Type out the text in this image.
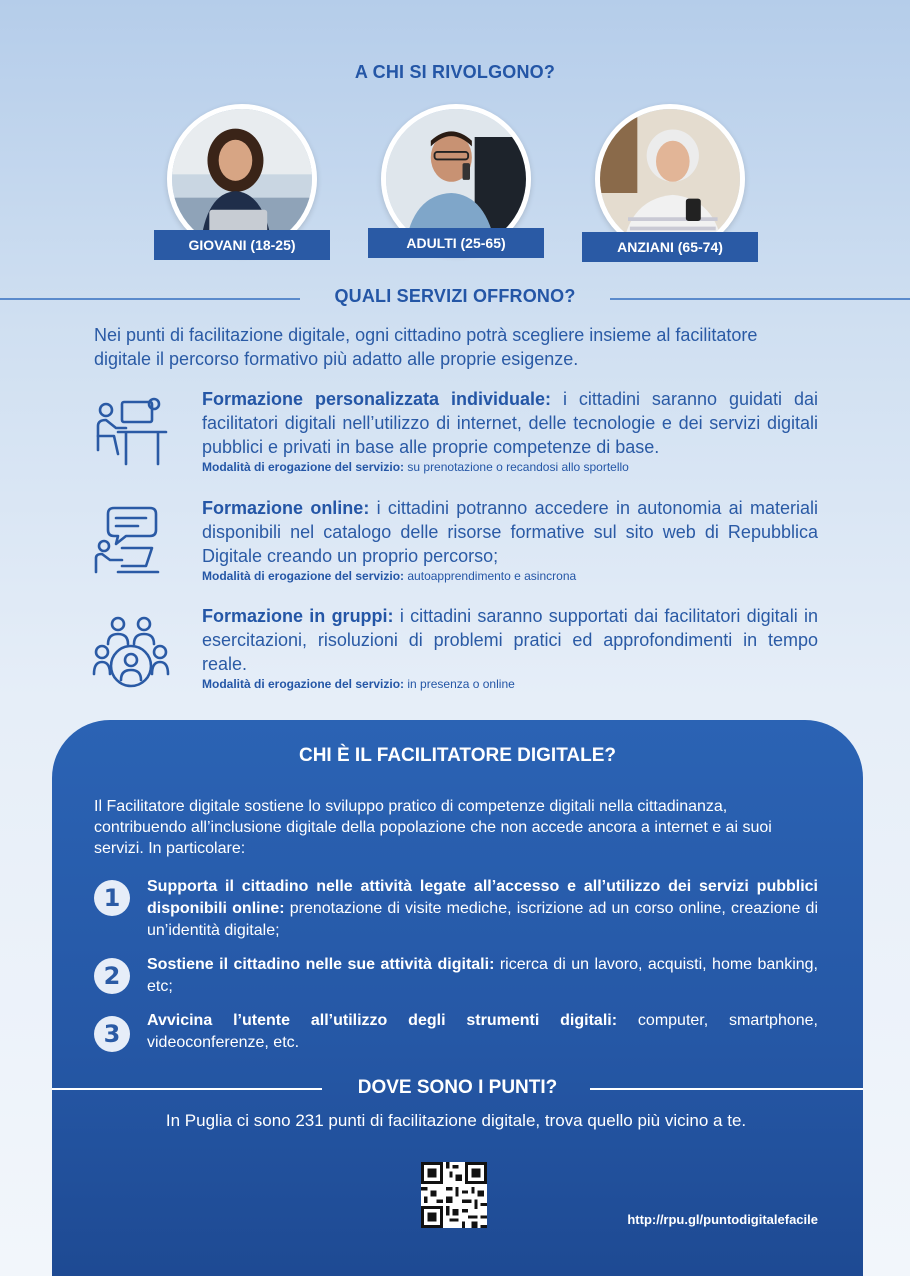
A CHI SI RIVOLGONO?
GIOVANI (18-25)	ADULTI (25-65)	ANZIANI (65-74)
QUALI SERVIZI OFFRONO?
Nei punti di facilitazione digitale, ogni cittadino potrà scegliere insieme al facilitatore digitale il percorso formativo più adatto alle proprie esigenze.
Formazione personalizzata individuale: i cittadini saranno guidati dai facilitatori digitali nell’utilizzo di internet, delle tecnologie e dei servizi digitali pubblici e privati in base alle proprie competenze di base.
Modalità di erogazione del servizio: su prenotazione o recandosi allo sportello
Formazione online: i cittadini potranno accedere in autonomia ai materiali disponibili nel catalogo delle risorse formative sul sito web di Repubblica Digitale creando un proprio percorso;
Modalità di erogazione del servizio: autoapprendimento e asincrona
Formazione in gruppi: i cittadini saranno supportati dai facilitatori digitali in esercitazioni, risoluzioni di problemi pratici ed approfondimenti in tempo reale.
Modalità di erogazione del servizio: in presenza o online
CHI È IL FACILITATORE DIGITALE?
Il Facilitatore digitale sostiene lo sviluppo pratico di competenze digitali nella cittadinanza, contribuendo all’inclusione digitale della popolazione che non accede ancora a internet e ai suoi servizi. In particolare:
1	Supporta il cittadino nelle attività legate all’accesso e all’utilizzo dei servizi pubblici disponibili online: prenotazione di visite mediche, iscrizione ad un corso online, creazione di un’identità digitale;
2	Sostiene il cittadino nelle sue attività digitali: ricerca di un lavoro, acquisti, home banking, etc;
3	Avvicina l’utente all’utilizzo degli strumenti digitali: computer, smartphone, videoconferenze, etc.
DOVE SONO I PUNTI?
In Puglia ci sono 231 punti di facilitazione digitale, trova quello più vicino a te.
http://rpu.gl/puntodigitalefacile
